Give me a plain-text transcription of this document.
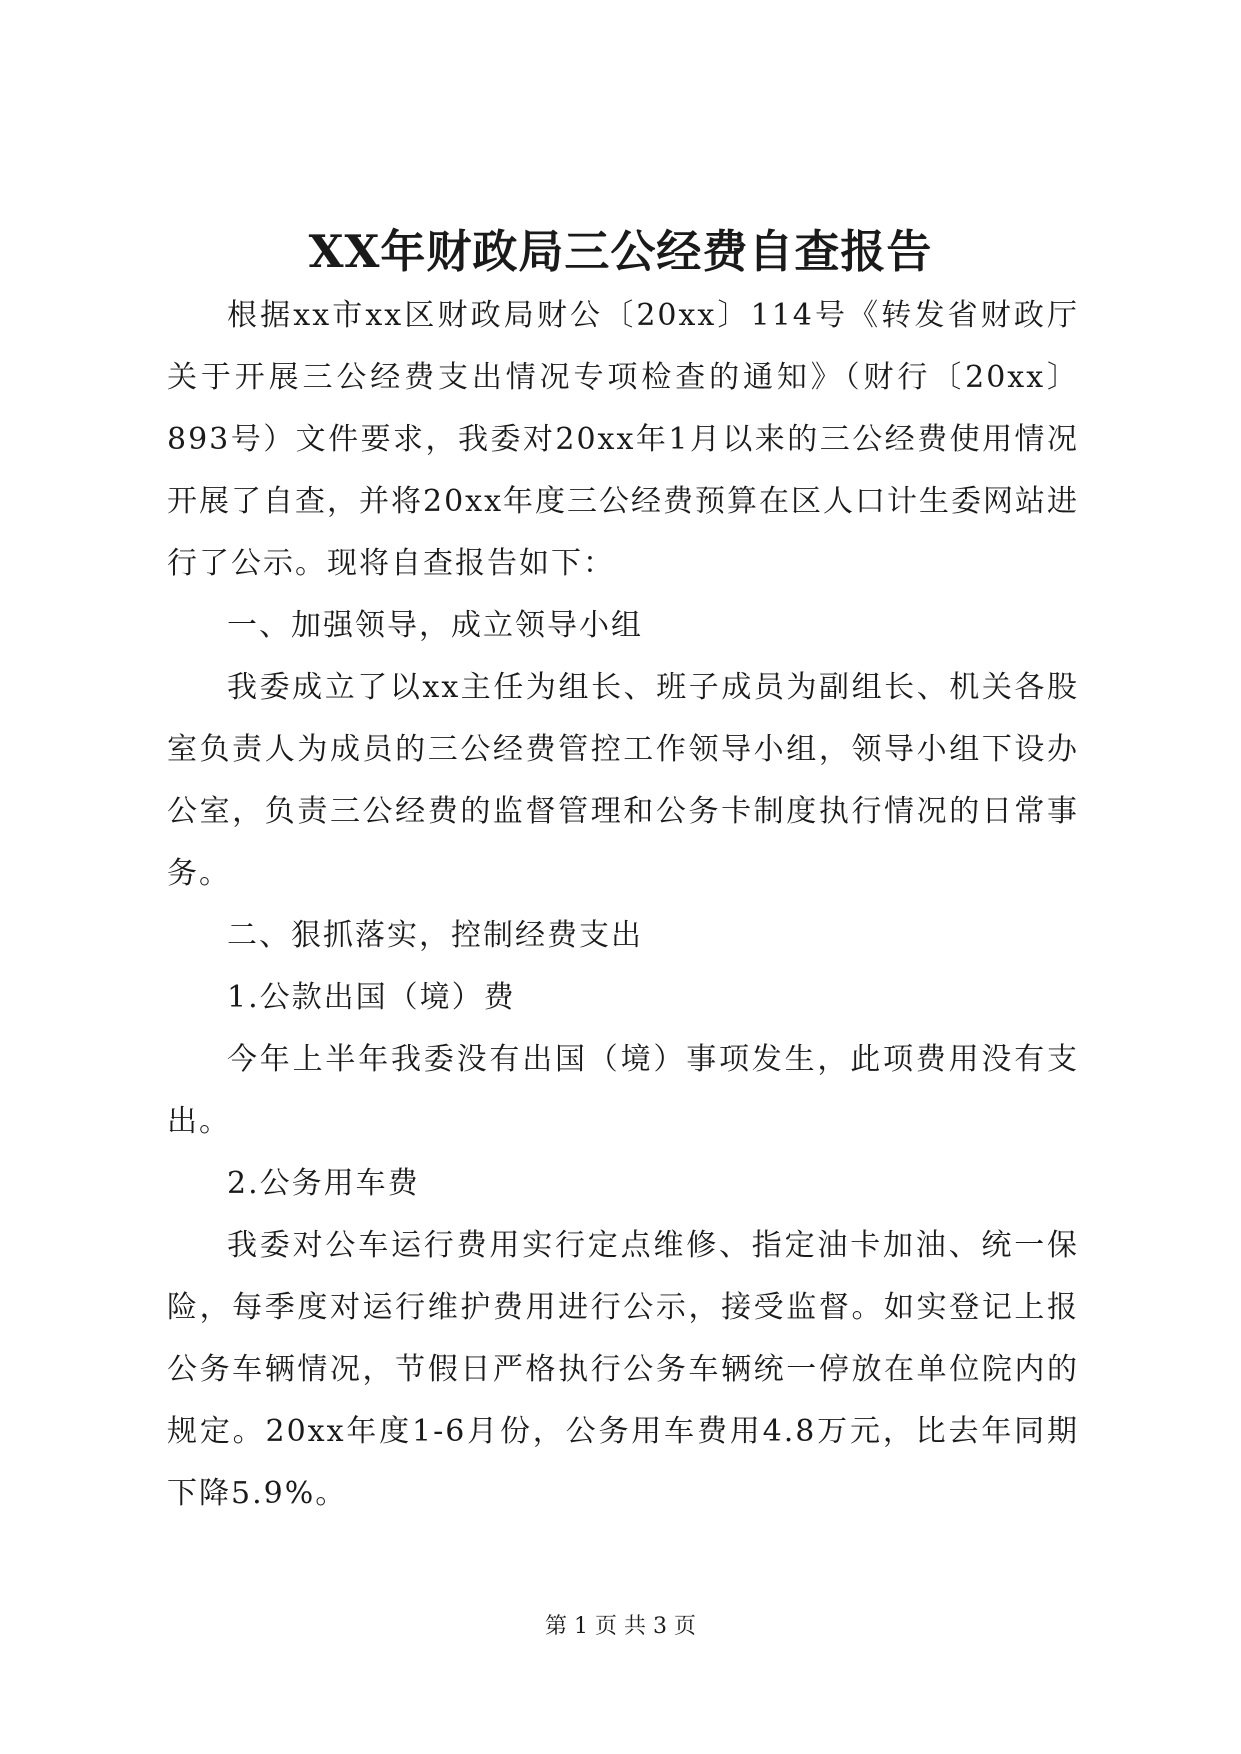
XX年财政局三公经费自查报告

根据xx市xx区财政局财公〔20xx〕114号《转发省财政厅关于开展三公经费支出情况专项检查的通知》（财行〔20xx〕893号）文件要求，我委对20xx年1月以来的三公经费使用情况开展了自查，并将20xx年度三公经费预算在区人口计生委网站进行了公示。现将自查报告如下：

一、加强领导，成立领导小组

我委成立了以xx主任为组长、班子成员为副组长、机关各股室负责人为成员的三公经费管控工作领导小组，领导小组下设办公室，负责三公经费的监督管理和公务卡制度执行情况的日常事务。

二、狠抓落实，控制经费支出

1.公款出国（境）费

今年上半年我委没有出国（境）事项发生，此项费用没有支出。

2.公务用车费

我委对公车运行费用实行定点维修、指定油卡加油、统一保险，每季度对运行维护费用进行公示，接受监督。如实登记上报公务车辆情况，节假日严格执行公务车辆统一停放在单位院内的规定。20xx年度1-6月份，公务用车费用4.8万元，比去年同期下降5.9%。

第 1 页 共 3 页
